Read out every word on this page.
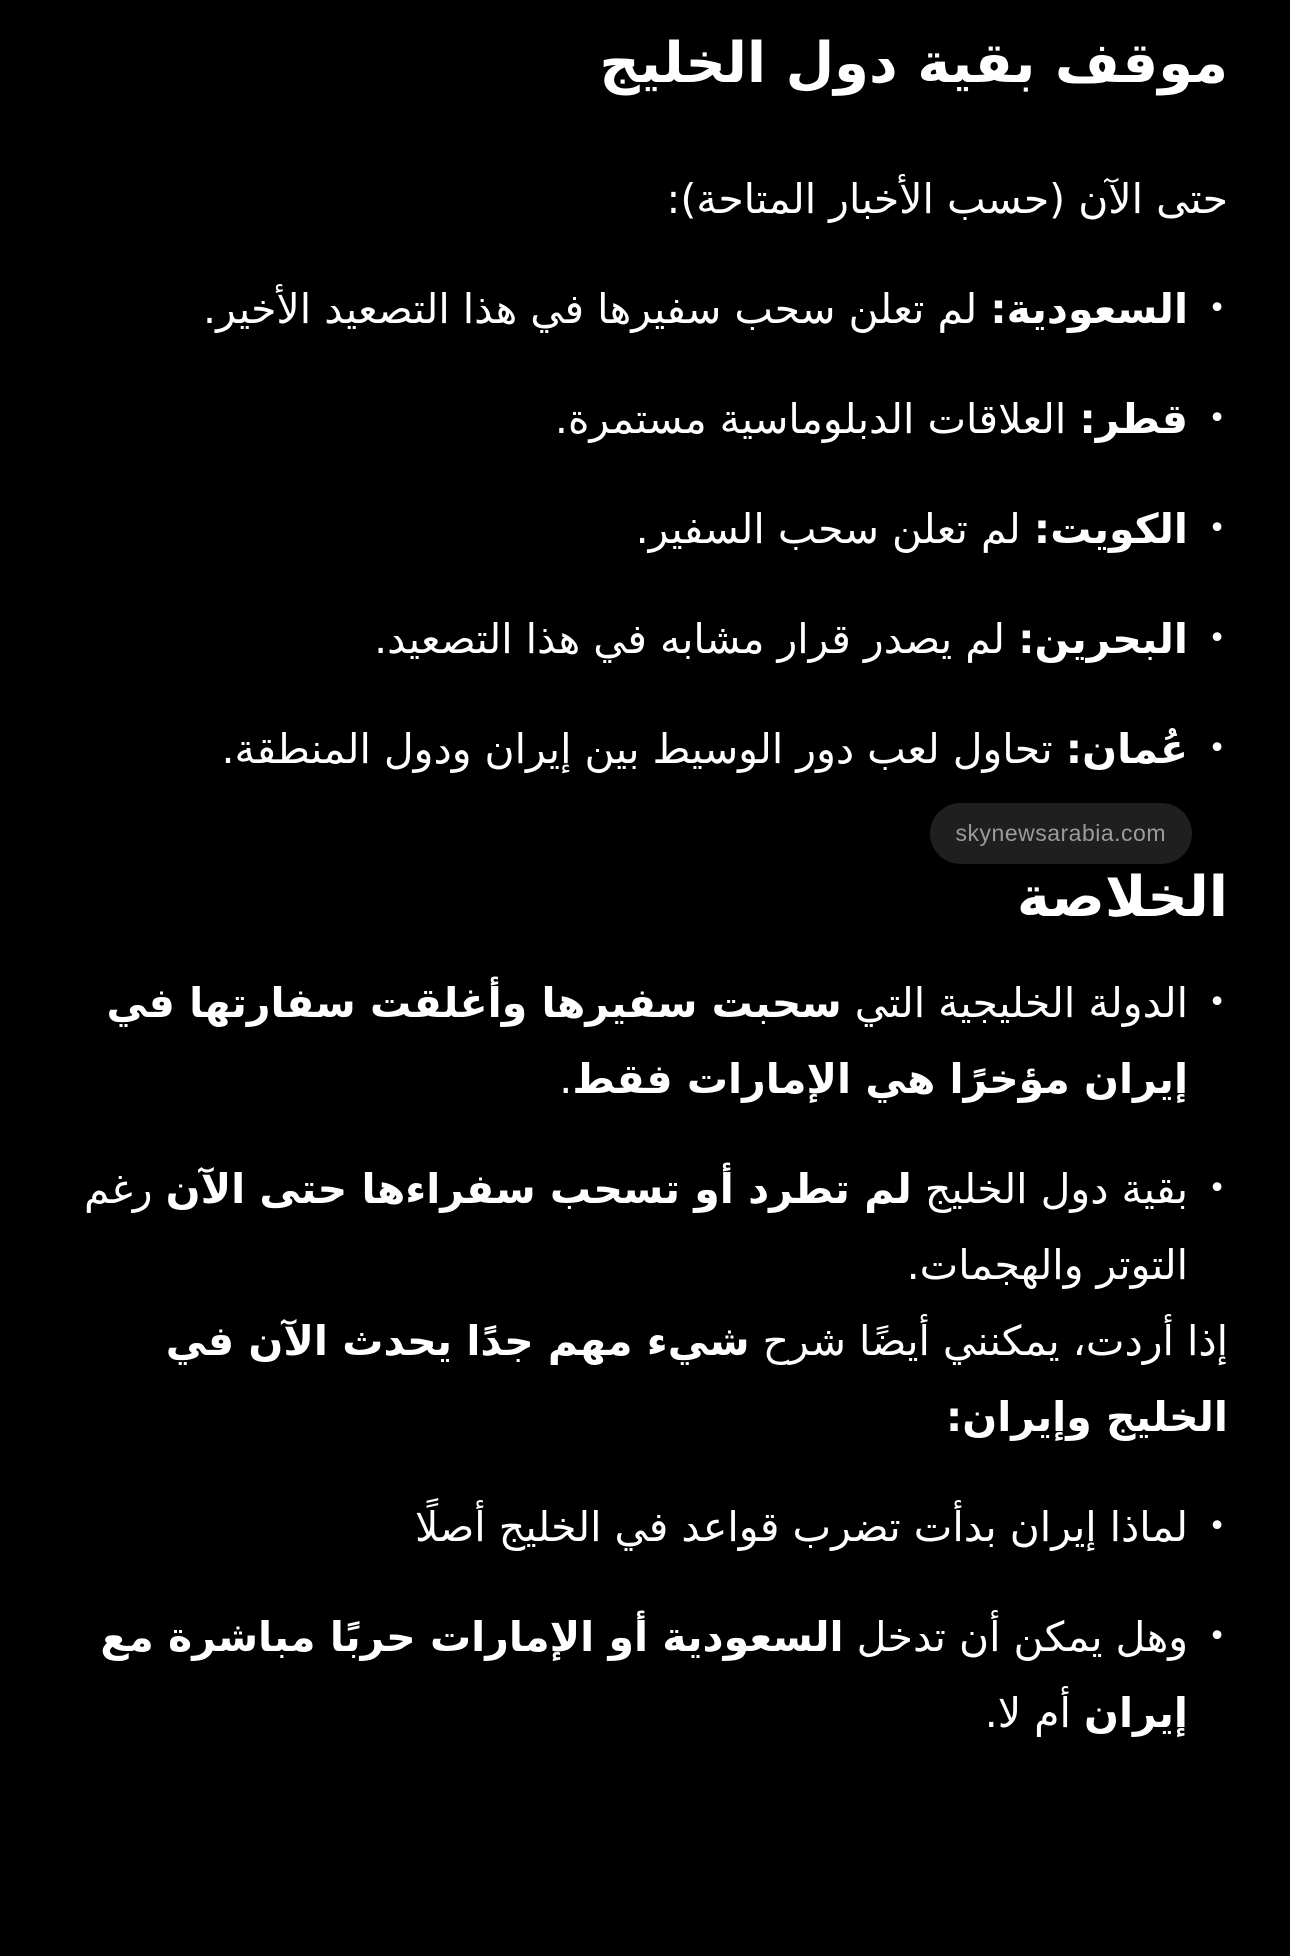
موقف بقية دول الخليج

حتى الآن (حسب الأخبار المتاحة):

• السعودية: لم تعلن سحب سفيرها في هذا التصعيد الأخير.
• قطر: العلاقات الدبلوماسية مستمرة.
• الكويت: لم تعلن سحب السفير.
• البحرين: لم يصدر قرار مشابه في هذا التصعيد.
• عُمان: تحاول لعب دور الوسيط بين إيران ودول المنطقة.
skynewsarabia.com
الخلاصة
• الدولة الخليجية التي سحبت سفيرها وأغلقت سفارتها في إيران مؤخرًا هي الإمارات فقط.
• بقية دول الخليج لم تطرد أو تسحب سفراءها حتى الآن رغم التوتر والهجمات.

إذا أردت، يمكنني أيضًا شرح شيء مهم جدًا يحدث الآن في الخليج وإيران:

• لماذا إيران بدأت تضرب قواعد في الخليج أصلًا
• وهل يمكن أن تدخل السعودية أو الإمارات حربًا مباشرة مع إيران أم لا.
